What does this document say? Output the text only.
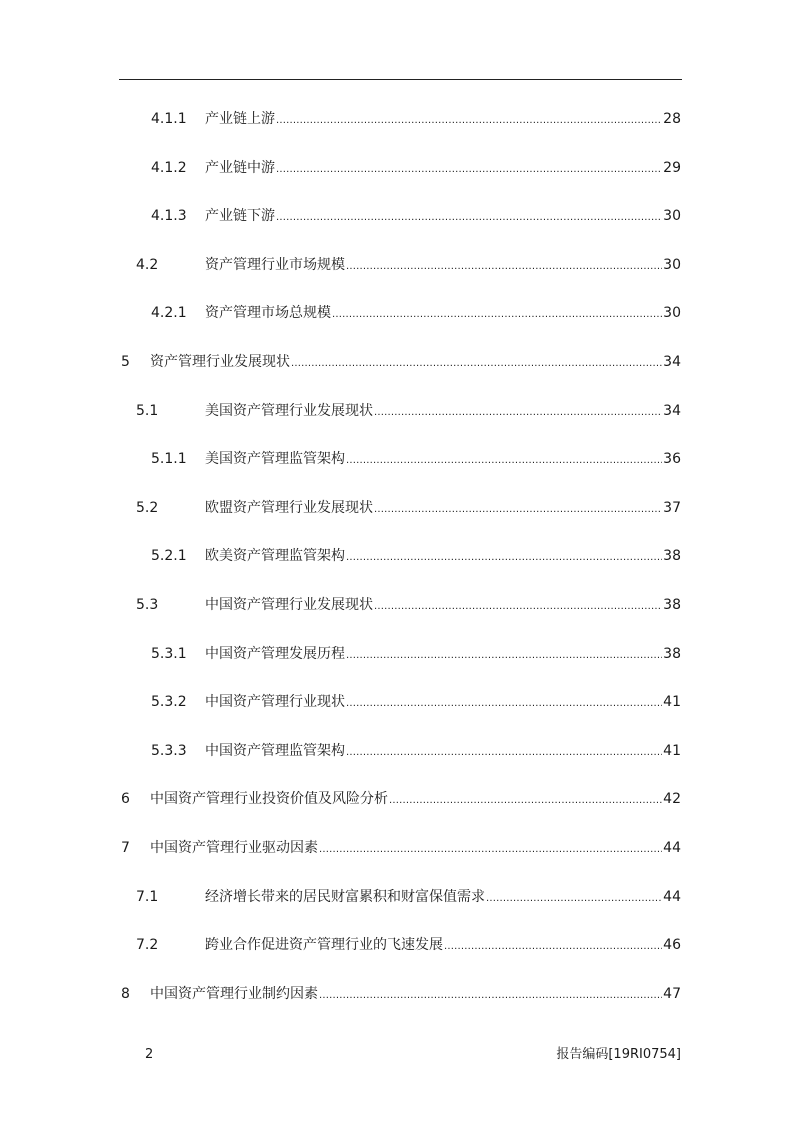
4.1.1	产业链上游 .....	28
4.1.2	产业链中游 .....	29
4.1.3	产业链下游 .....	30
4.2	资产管理行业市场规模 .....	30
4.2.1	资产管理市场总规模 .....	30
5	资产管理行业发展现状 .....	34
5.1	美国资产管理行业发展现状 .....	34
5.1.1	美国资产管理监管架构 .....	36
5.2	欧盟资产管理行业发展现状 .....	37
5.2.1	欧美资产管理监管架构 .....	38
5.3	中国资产管理行业发展现状 .....	38
5.3.1	中国资产管理发展历程 .....	38
5.3.2	中国资产管理行业现状 .....	41
5.3.3	中国资产管理监管架构 .....	41
6	中国资产管理行业投资价值及风险分析 .....	42
7	中国资产管理行业驱动因素 .....	44
7.1	经济增长带来的居民财富累积和财富保值需求 .....	44
7.2	跨业合作促进资产管理行业的飞速发展 .....	46
8	中国资产管理行业制约因素 .....	47
2	报告编码[19RI0754]
